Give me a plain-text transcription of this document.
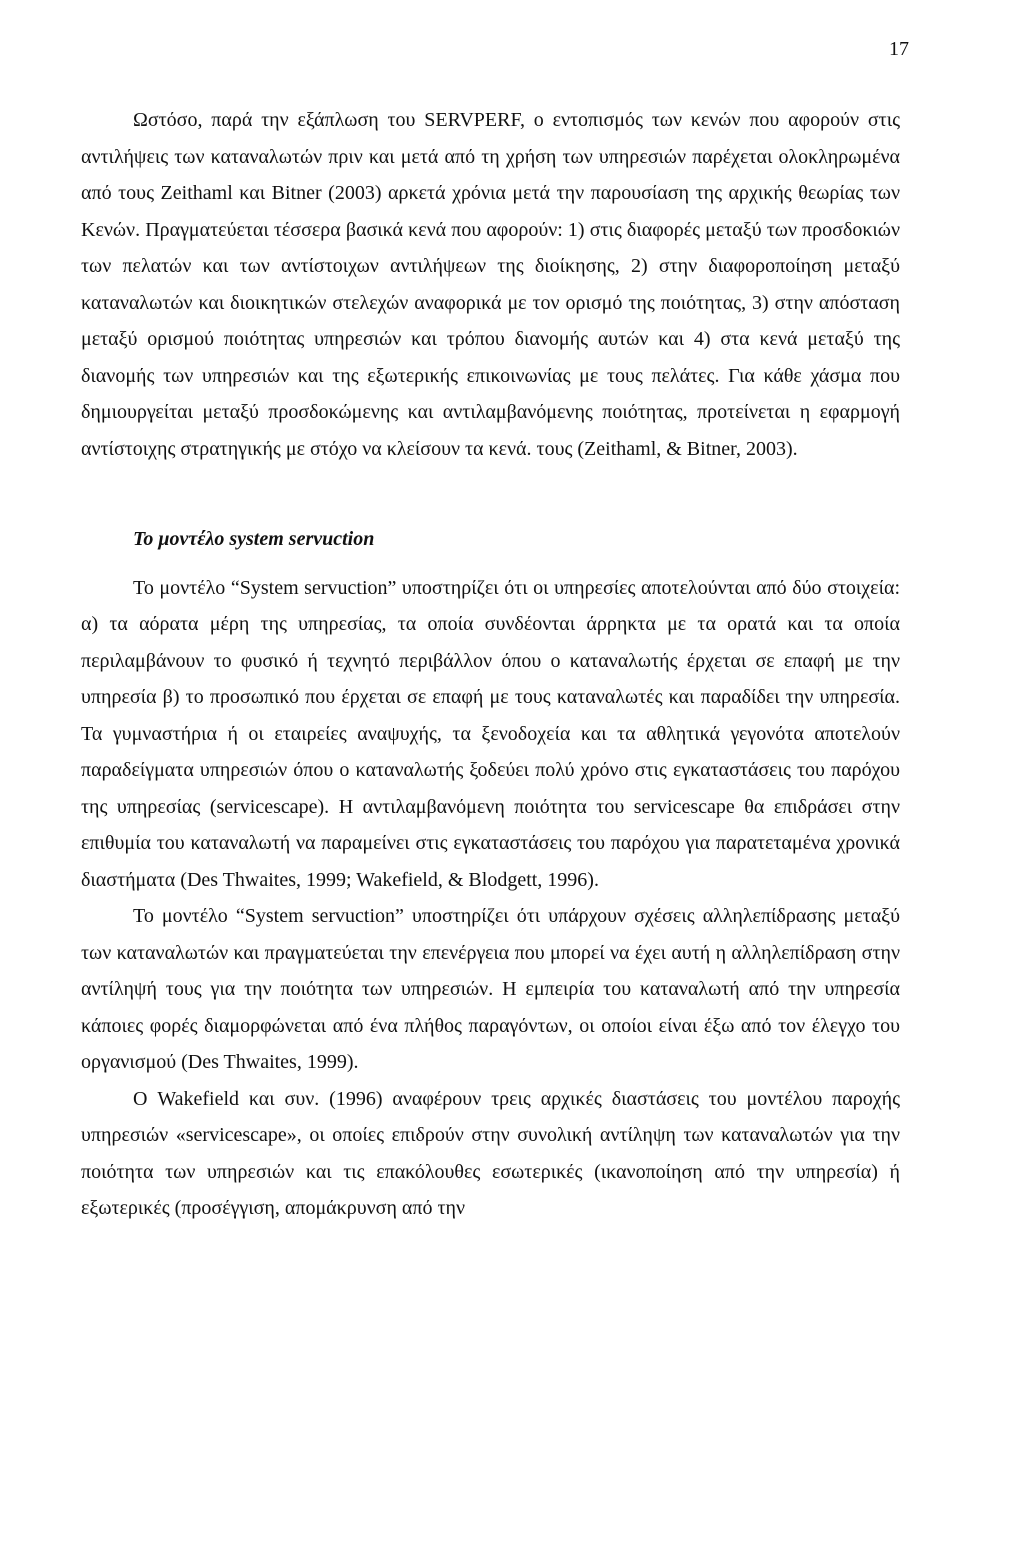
17

Ωστόσο, παρά την εξάπλωση του SERVPERF, ο εντοπισμός των κενών που αφορούν στις αντιλήψεις των καταναλωτών πριν και μετά από τη χρήση των υπηρεσιών παρέχεται ολοκληρωμένα από τους Zeithaml και Bitner (2003) αρκετά χρόνια μετά την παρουσίαση της αρχικής θεωρίας των Κενών. Πραγματεύεται τέσσερα βασικά κενά που αφορούν: 1) στις διαφορές μεταξύ των προσδοκιών των πελατών και των αντίστοιχων αντιλήψεων της διοίκησης, 2) στην διαφοροποίηση μεταξύ καταναλωτών και διοικητικών στελεχών αναφορικά με τον ορισμό της ποιότητας, 3) στην απόσταση μεταξύ ορισμού ποιότητας υπηρεσιών και τρόπου διανομής αυτών και 4) στα κενά μεταξύ της διανομής των υπηρεσιών και της εξωτερικής επικοινωνίας με τους πελάτες. Για κάθε χάσμα που δημιουργείται μεταξύ προσδοκώμενης και αντιλαμβανόμενης ποιότητας, προτείνεται η εφαρμογή αντίστοιχης στρατηγικής με στόχο να κλείσουν τα κενά. τους (Zeithaml, & Bitner, 2003).

Το μοντέλο system servuction

Το μοντέλο “System servuction” υποστηρίζει ότι οι υπηρεσίες αποτελούνται από δύο στοιχεία: α) τα αόρατα μέρη της υπηρεσίας, τα οποία συνδέονται άρρηκτα με τα ορατά και τα οποία περιλαμβάνουν το φυσικό ή τεχνητό περιβάλλον όπου ο καταναλωτής έρχεται σε επαφή με την υπηρεσία β) το προσωπικό που έρχεται σε επαφή με τους καταναλωτές και παραδίδει την υπηρεσία. Τα γυμναστήρια ή οι εταιρείες αναψυχής, τα ξενοδοχεία και τα αθλητικά γεγονότα αποτελούν παραδείγματα υπηρεσιών όπου ο καταναλωτής ξοδεύει πολύ χρόνο στις εγκαταστάσεις του παρόχου της υπηρεσίας (servicescape). Η αντιλαμβανόμενη ποιότητα του servicescape θα επιδράσει στην επιθυμία του καταναλωτή να παραμείνει στις εγκαταστάσεις του παρόχου για παρατεταμένα χρονικά διαστήματα (Des Thwaites, 1999; Wakefield, & Blodgett, 1996).

Το μοντέλο “System servuction” υποστηρίζει ότι υπάρχουν σχέσεις αλληλεπίδρασης μεταξύ των καταναλωτών και πραγματεύεται την επενέργεια που μπορεί να έχει αυτή η αλληλεπίδραση στην αντίληψή τους για την ποιότητα των υπηρεσιών. Η εμπειρία του καταναλωτή από την υπηρεσία κάποιες φορές διαμορφώνεται από ένα πλήθος παραγόντων, οι οποίοι είναι έξω από τον έλεγχο του οργανισμού (Des Thwaites, 1999).

Ο Wakefield και συν. (1996) αναφέρουν τρεις αρχικές διαστάσεις του μοντέλου παροχής υπηρεσιών «servicescape», οι οποίες επιδρούν στην συνολική αντίληψη των καταναλωτών για την ποιότητα των υπηρεσιών και τις επακόλουθες εσωτερικές (ικανοποίηση από την υπηρεσία) ή εξωτερικές (προσέγγιση, απομάκρυνση από την
